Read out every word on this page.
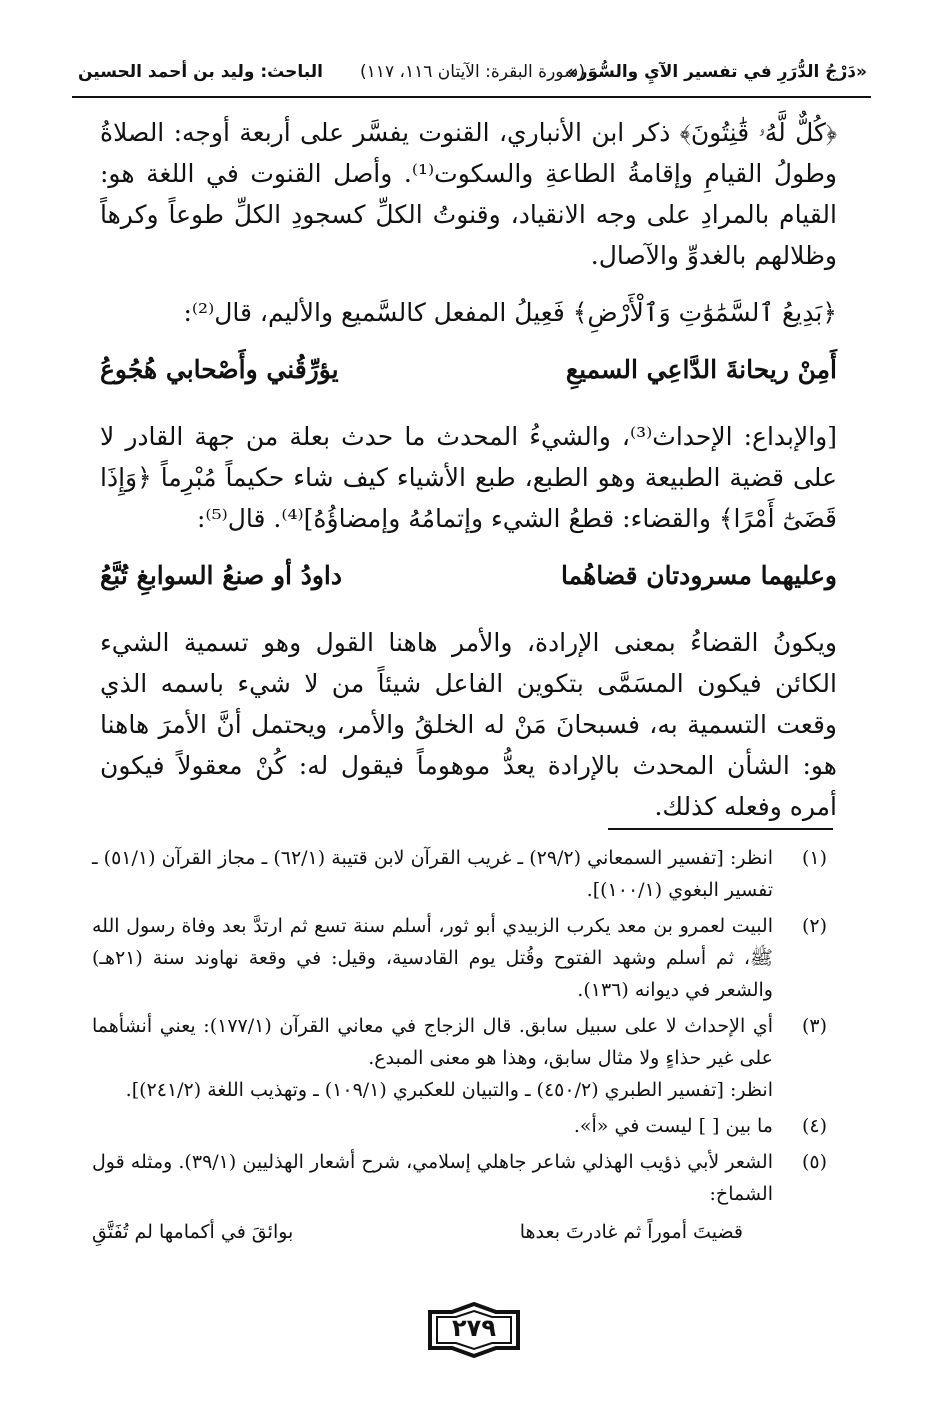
«دَرْجُ الدُّرَرِ في تفسير الآيِ والسُّوَر»
(سورة البقرة: الآيتان ١١٦، ١١٧)
الباحث: وليد بن أحمد الحسين

﴿كُلٌّ لَّهُۥ قَٰنِتُونَ﴾ ذكر ابن الأنباري، القنوت يفسَّر على أربعة أوجه: الصلاةُ وطولُ القيامِ وإقامةُ الطاعةِ والسكوت⁽¹⁾. وأصل القنوت في اللغة هو: القيام بالمرادِ على وجه الانقياد، وقنوتُ الكلِّ كسجودِ الكلِّ طوعاً وكرهاً وظلالهم بالغدوِّ والآصال.

﴿بَدِيعُ ٱلسَّمَٰوَٰتِ وَٱلْأَرْضِ﴾ فَعِيلُ المفعل كالسَّميع والأليم، قال⁽²⁾:

أَمِنْ ريحانةَ الدَّاعِي السميعِ
يؤرِّقُني وأَصْحابي هُجُوعُ

[والإبداع: الإحداث⁽³⁾، والشيءُ المحدث ما حدث بعلة من جهة القادر لا على قضية الطبيعة وهو الطبع، طبع الأشياء كيف شاء حكيماً مُبْرِماً ﴿وَإِذَا قَضَىٰٓ أَمْرًا﴾ والقضاء: قطعُ الشيء وإتمامُهُ وإمضاؤُهُ]⁽⁴⁾. قال⁽⁵⁾:

وعليهما مسرودتان قضاهُما
داودُ أو صنعُ السوابغِ تُبَّعُ

ويكونُ القضاءُ بمعنى الإرادة، والأمر هاهنا القول وهو تسمية الشيء الكائن فيكون المسَمَّى بتكوين الفاعل شيئاً من لا شيء باسمه الذي وقعت التسمية به، فسبحانَ مَنْ له الخلقُ والأمر، ويحتمل أنَّ الأمرَ هاهنا هو: الشأن المحدث بالإرادة يعدُّ موهوماً فيقول له: كُنْ معقولاً فيكون أمره وفعله كذلك.

(١)
انظر: [تفسير السمعاني (٢٩/٢) ـ غريب القرآن لابن قتيبة (٦٢/١) ـ مجاز القرآن (٥١/١) ـ تفسير البغوي (١٠٠/١)].
(٢)
البيت لعمرو بن معد يكرب الزبيدي أبو ثور، أسلم سنة تسع ثم ارتدَّ بعد وفاة رسول الله ﷺ، ثم أسلم وشهد الفتوح وقُتل يوم القادسية، وقيل: في وقعة نهاوند سنة (٢١هـ) والشعر في ديوانه (١٣٦).
(٣)
أي الإحداث لا على سبيل سابق. قال الزجاج في معاني القرآن (١٧٧/١): يعني أنشأهما على غير حذاءٍ ولا مثال سابق، وهذا هو معنى المبدع.
انظر: [تفسير الطبري (٤٥٠/٢) ـ والتبيان للعكبري (١٠٩/١) ـ وتهذيب اللغة (٢٤١/٢)].
(٤)
ما بين [ ] ليست في «أ».
(٥)
الشعر لأبي ذؤيب الهذلي شاعر جاهلي إسلامي، شرح أشعار الهذليين (٣٩/١). ومثله قول الشماخ:
قضيتَ أموراً ثم غادرتَ بعدها
بوائقَ في أكمامها لم تُفَتَّقِ
٢٧٩
